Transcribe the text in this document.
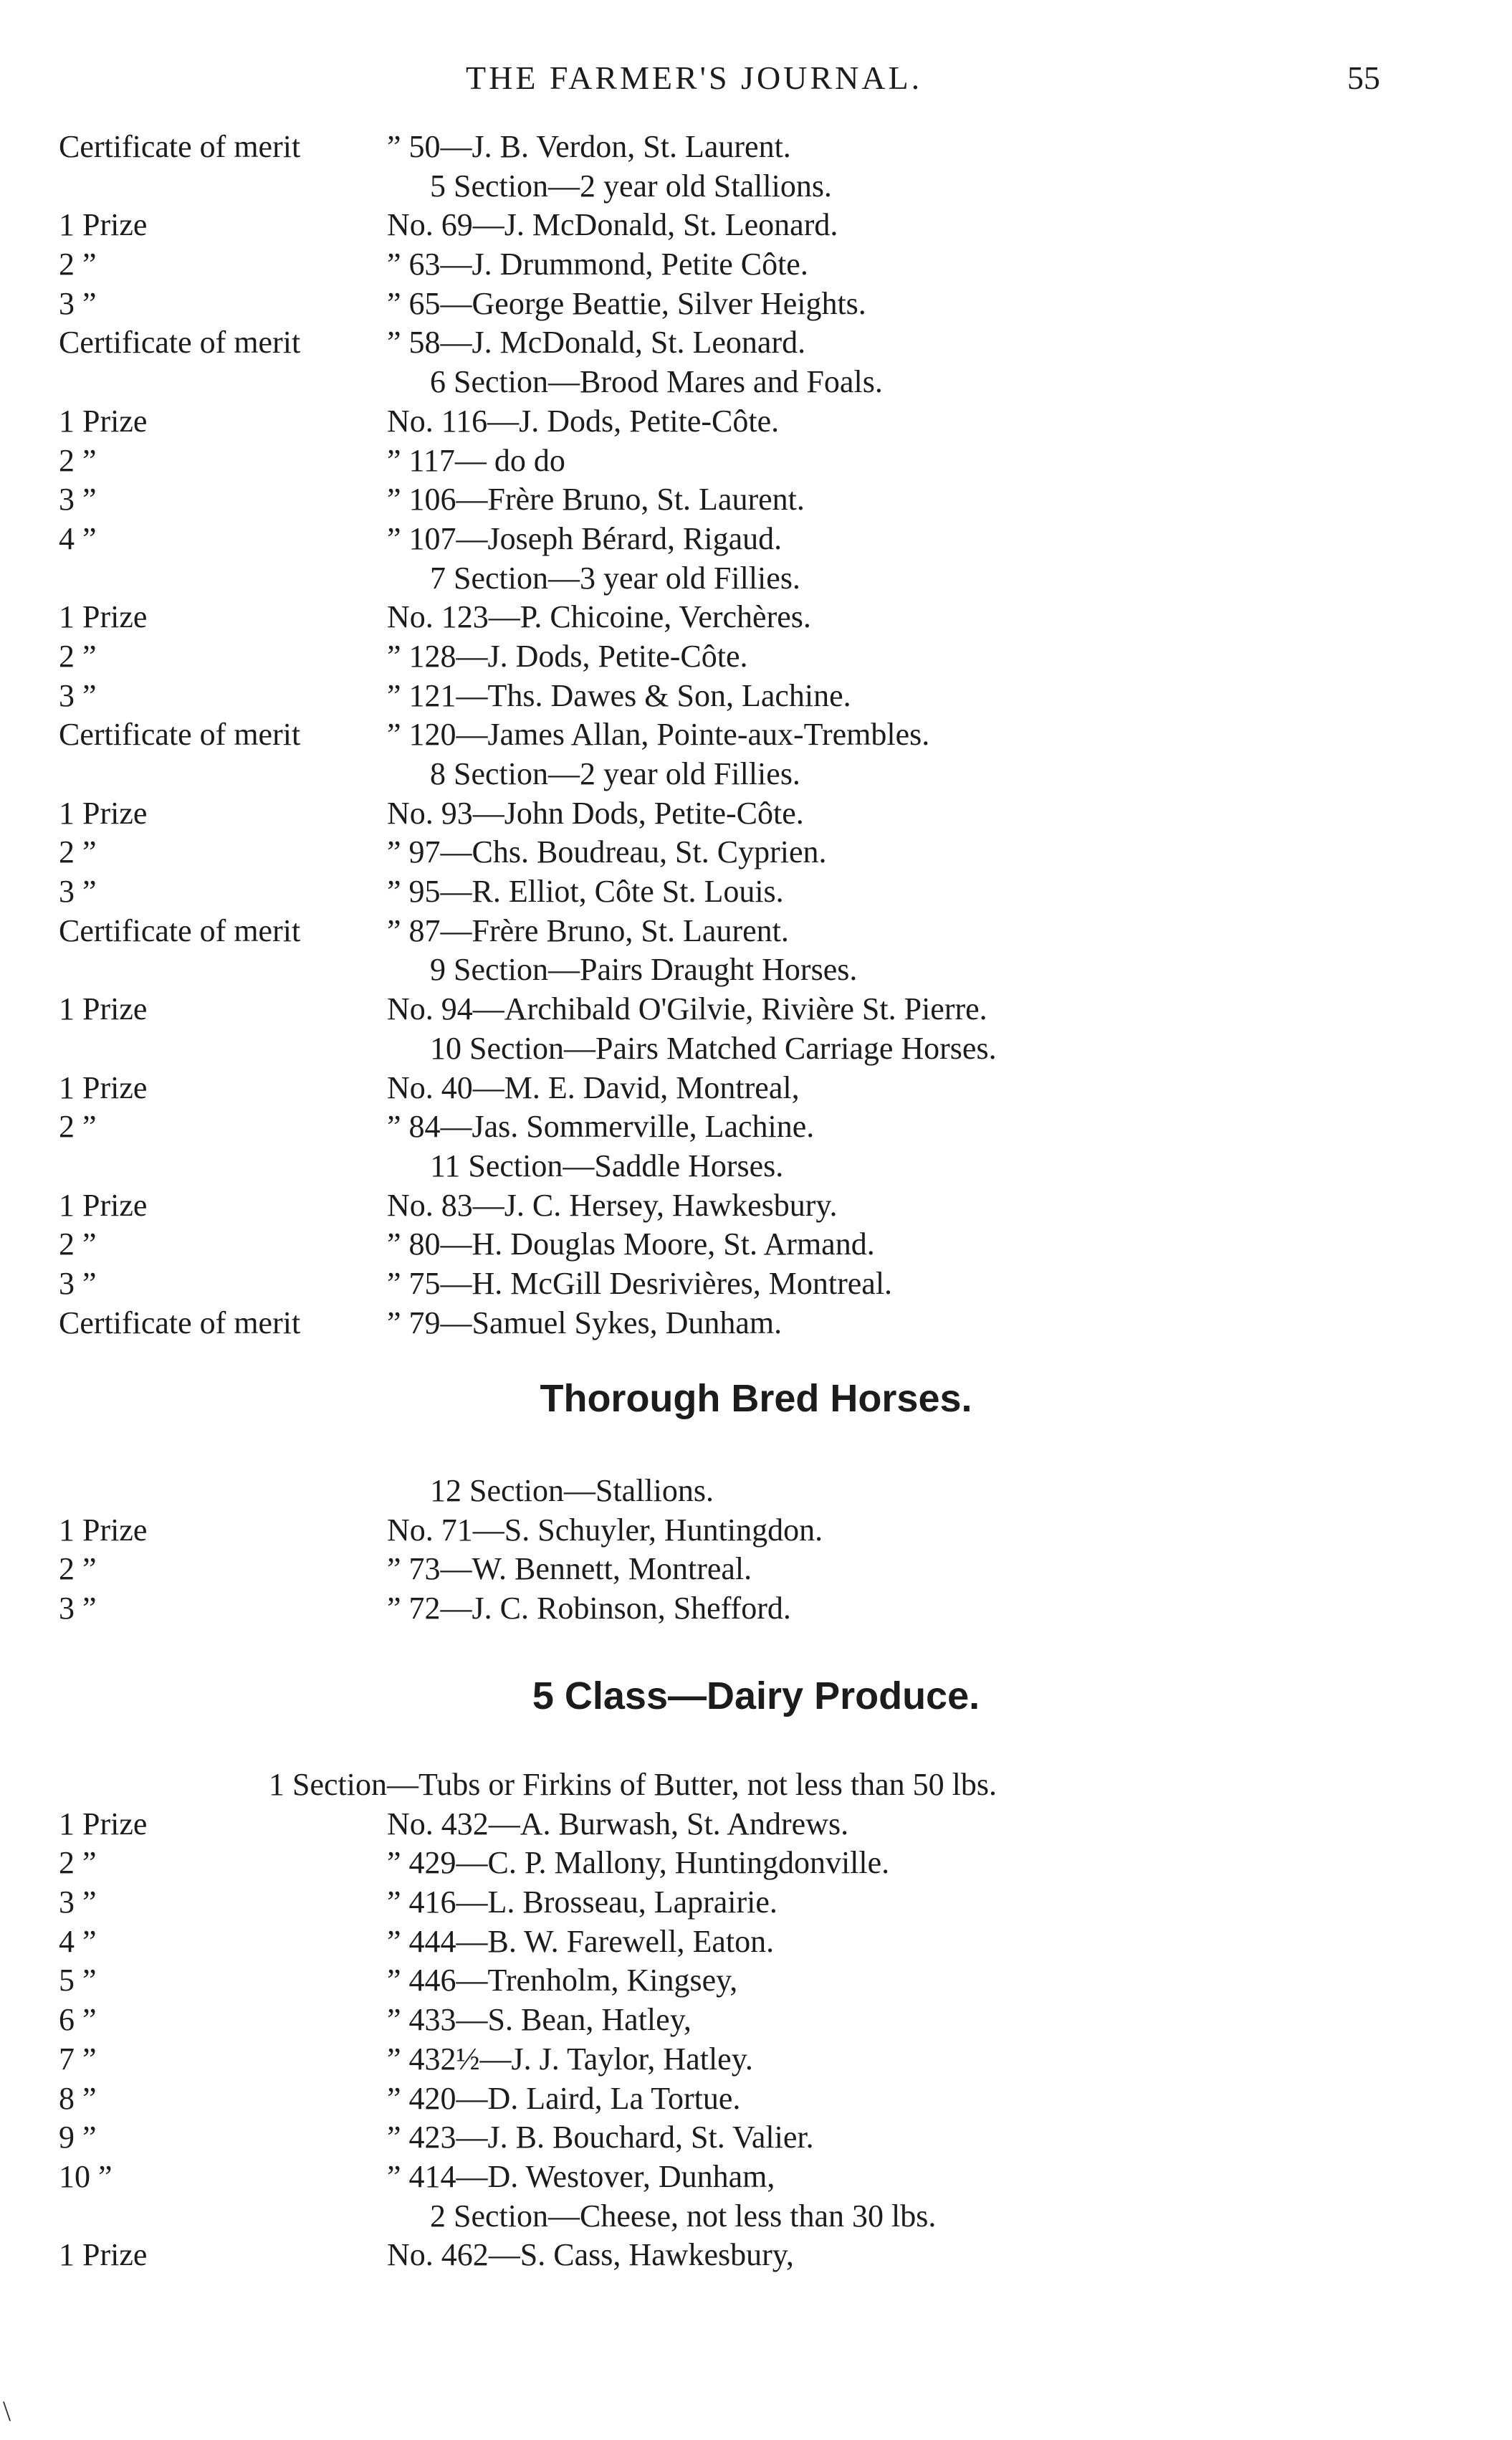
THE FARMER'S JOURNAL.	55
Certificate of merit	” 50—J. B. Verdon, St. Laurent.
5 Section—2 year old Stallions.
1 Prize	No. 69—J. McDonald, St. Leonard.
2 ”	” 63—J. Drummond, Petite Côte.
3 ”	” 65—George Beattie, Silver Heights.
Certificate of merit	” 58—J. McDonald, St. Leonard.
6 Section—Brood Mares and Foals.
1 Prize	No. 116—J. Dods, Petite-Côte.
2 ”	” 117— do do
3 ”	” 106—Frère Bruno, St. Laurent.
4 ”	” 107—Joseph Bérard, Rigaud.
7 Section—3 year old Fillies.
1 Prize	No. 123—P. Chicoine, Verchères.
2 ”	” 128—J. Dods, Petite-Côte.
3 ”	” 121—Ths. Dawes & Son, Lachine.
Certificate of merit	” 120—James Allan, Pointe-aux-Trembles.
8 Section—2 year old Fillies.
1 Prize	No. 93—John Dods, Petite-Côte.
2 ”	” 97—Chs. Boudreau, St. Cyprien.
3 ”	” 95—R. Elliot, Côte St. Louis.
Certificate of merit	” 87—Frère Bruno, St. Laurent.
9 Section—Pairs Draught Horses.
1 Prize	No. 94—Archibald O'Gilvie, Rivière St. Pierre.
10 Section—Pairs Matched Carriage Horses.
1 Prize	No. 40—M. E. David, Montreal,
2 ”	” 84—Jas. Sommerville, Lachine.
11 Section—Saddle Horses.
1 Prize	No. 83—J. C. Hersey, Hawkesbury.
2 ”	” 80—H. Douglas Moore, St. Armand.
3 ”	” 75—H. McGill Desrivières, Montreal.
Certificate of merit	” 79—Samuel Sykes, Dunham.
Thorough Bred Horses.
12 Section—Stallions.
1 Prize	No. 71—S. Schuyler, Huntingdon.
2 ”	” 73—W. Bennett, Montreal.
3 ”	” 72—J. C. Robinson, Shefford.
5 Class—Dairy Produce.
1 Section—Tubs or Firkins of Butter, not less than 50 lbs.
1 Prize	No. 432—A. Burwash, St. Andrews.
2 ”	” 429—C. P. Mallony, Huntingdonville.
3 ”	” 416—L. Brosseau, Laprairie.
4 ”	” 444—B. W. Farewell, Eaton.
5 ”	” 446—Trenholm, Kingsey,
6 ”	” 433—S. Bean, Hatley,
7 ”	” 432½—J. J. Taylor, Hatley.
8 ”	” 420—D. Laird, La Tortue.
9 ”	” 423—J. B. Bouchard, St. Valier.
10 ”	” 414—D. Westover, Dunham,
2 Section—Cheese, not less than 30 lbs.
1 Prize	No. 462—S. Cass, Hawkesbury,
\
